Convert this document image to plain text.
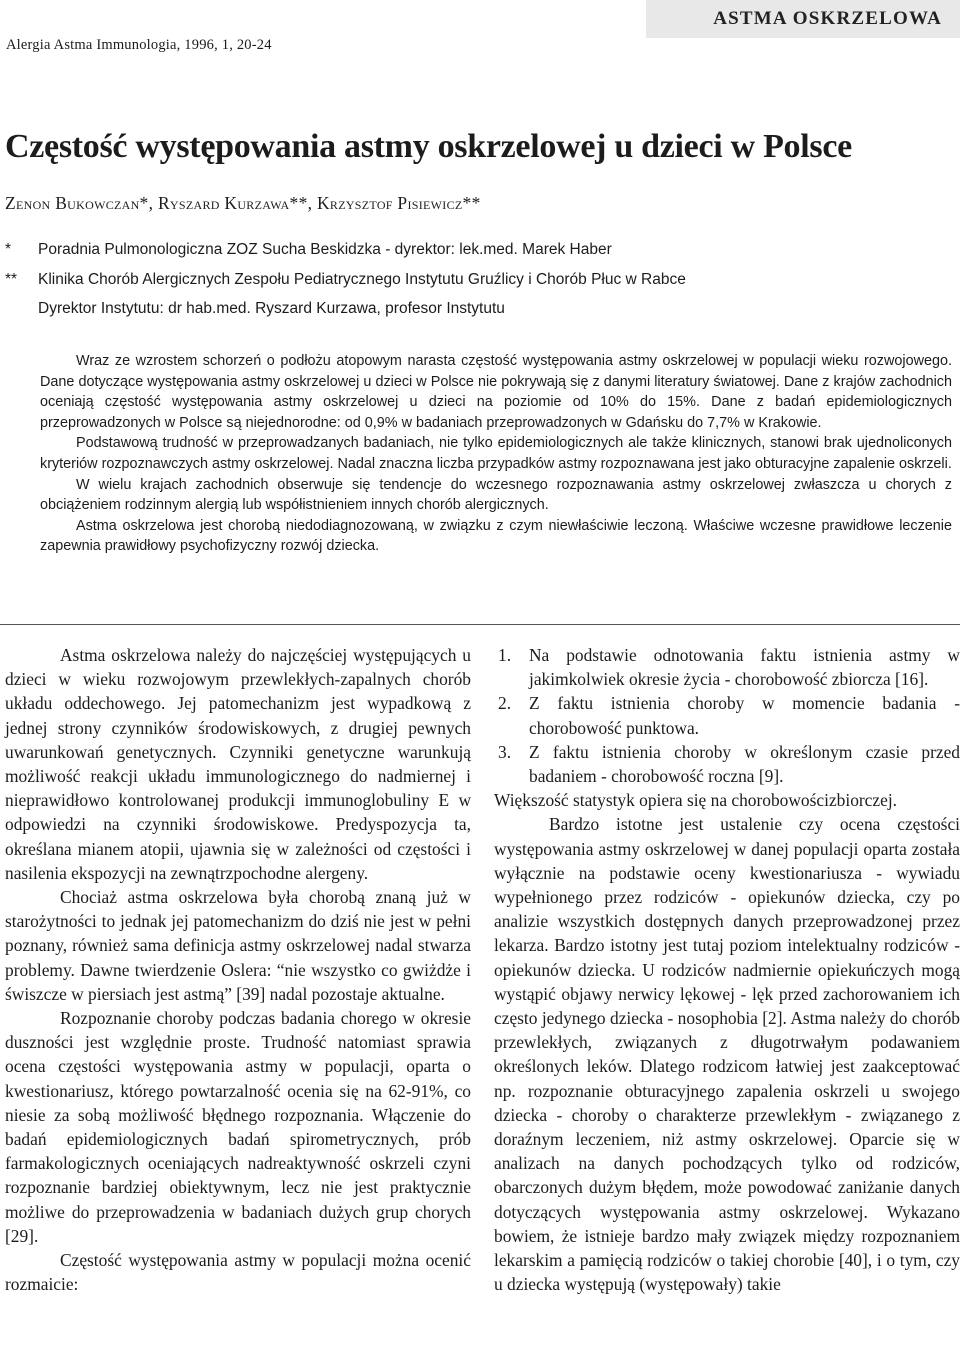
Alergia Astma Immunologia, 1996, 1, 20-24
ASTMA OSKRZELOWA
Częstość występowania astmy oskrzelowej u dzieci w Polsce
Zenon Bukowczan*, Ryszard Kurzawa**, Krzysztof Pisiewicz**
* Poradnia Pulmonologiczna ZOZ Sucha Beskidzka - dyrektor: lek.med. Marek Haber
** Klinika Chorób Alergicznych Zespołu Pediatrycznego Instytutu Gruźlicy i Chorób Płuc w Rabce
Dyrektor Instytutu: dr hab.med. Ryszard Kurzawa, profesor Instytutu

Wraz ze wzrostem schorzeń o podłożu atopowym narasta częstość występowania astmy oskrzelowej w populacji wieku rozwojowego. Dane dotyczące występowania astmy oskrzelowej u dzieci w Polsce nie pokrywają się z danymi literatury światowej. Dane z krajów zachodnich oceniają częstość występowania astmy oskrzelowej u dzieci na poziomie od 10% do 15%. Dane z badań epidemiologicznych przeprowadzonych w Polsce są niejednorodne: od 0,9% w badaniach przeprowadzonych w Gdańsku do 7,7% w Krakowie.

Podstawową trudność w przeprowadzanych badaniach, nie tylko epidemiologicznych ale także klinicznych, stanowi brak ujednoliconych kryteriów rozpoznawczych astmy oskrzelowej. Nadal znaczna liczba przypadków astmy rozpoznawana jest jako obturacyjne zapalenie oskrzeli.

W wielu krajach zachodnich obserwuje się tendencje do wczesnego rozpoznawania astmy oskrzelowej zwłaszcza u chorych z obciążeniem rodzinnym alergią lub współistnieniem innych chorób alergicznych.

Astma oskrzelowa jest chorobą niedodiagnozowaną, w związku z czym niewłaściwie leczoną. Właściwe wczesne prawidłowe leczenie zapewnia prawidłowy psychofizyczny rozwój dziecka.

Astma oskrzelowa należy do najczęściej występujących u dzieci w wieku rozwojowym przewlekłych-zapalnych chorób układu oddechowego. Jej patomechanizm jest wypadkową z jednej strony czynników środowiskowych, z drugiej pewnych uwarunkowań genetycznych. Czynniki genetyczne warunkują możliwość reakcji układu immunologicznego do nadmiernej i nieprawidłowo kontrolowanej produkcji immunoglobuliny E w odpowiedzi na czynniki środowiskowe. Predyspozycja ta, określana mianem atopii, ujawnia się w zależności od częstości i nasilenia ekspozycji na zewnątrzpochodne alergeny.

Chociaż astma oskrzelowa była chorobą znaną już w starożytności to jednak jej patomechanizm do dziś nie jest w pełni poznany, również sama definicja astmy oskrzelowej nadal stwarza problemy. Dawne twierdzenie Oslera: “nie wszystko co gwiżdże i świszcze w piersiach jest astmą” [39] nadal pozostaje aktualne.

Rozpoznanie choroby podczas badania chorego w okresie duszności jest względnie proste. Trudność natomiast sprawia ocena częstości występowania astmy w populacji, oparta o kwestionariusz, którego powtarzalność ocenia się na 62-91%, co niesie za sobą możliwość błędnego rozpoznania. Włączenie do badań epidemiologicznych badań spirometrycznych, prób farmakologicznych oceniających nadreaktywność oskrzeli czyni rozpoznanie bardziej obiektywnym, lecz nie jest praktycznie możliwe do przeprowadzenia w badaniach dużych grup chorych [29].

Częstość występowania astmy w populacji można ocenić rozmaicie:

1. Na podstawie odnotowania faktu istnienia astmy w jakimkolwiek okresie życia - chorobowość zbiorcza [16].
2. Z faktu istnienia choroby w momencie badania - chorobowość punktowa.
3. Z faktu istnienia choroby w określonym czasie przed badaniem - chorobowość roczna [9].

Większość statystyk opiera się na chorobowościzbiorczej.

Bardzo istotne jest ustalenie czy ocena częstości występowania astmy oskrzelowej w danej populacji oparta została wyłącznie na podstawie oceny kwestionariusza - wywiadu wypełnionego przez rodziców - opiekunów dziecka, czy po analizie wszystkich dostępnych danych przeprowadzonej przez lekarza. Bardzo istotny jest tutaj poziom intelektualny rodziców - opiekunów dziecka. U rodziców nadmiernie opiekuńczych mogą wystąpić objawy nerwicy lękowej - lęk przed zachorowaniem ich często jedynego dziecka - nosophobia [2]. Astma należy do chorób przewlekłych, związanych z długotrwałym podawaniem określonych leków. Dlatego rodzicom łatwiej jest zaakceptować np. rozpoznanie obturacyjnego zapalenia oskrzeli u swojego dziecka - choroby o charakterze przewlekłym - związanego z doraźnym leczeniem, niż astmy oskrzelowej. Oparcie się w analizach na danych pochodzących tylko od rodziców, obarczonych dużym błędem, może powodować zaniżanie danych dotyczących występowania astmy oskrzelowej. Wykazano bowiem, że istnieje bardzo mały związek między rozpoznaniem lekarskim a pamięcią rodziców o takiej chorobie [40], i o tym, czy u dziecka występują (występowały) takie
